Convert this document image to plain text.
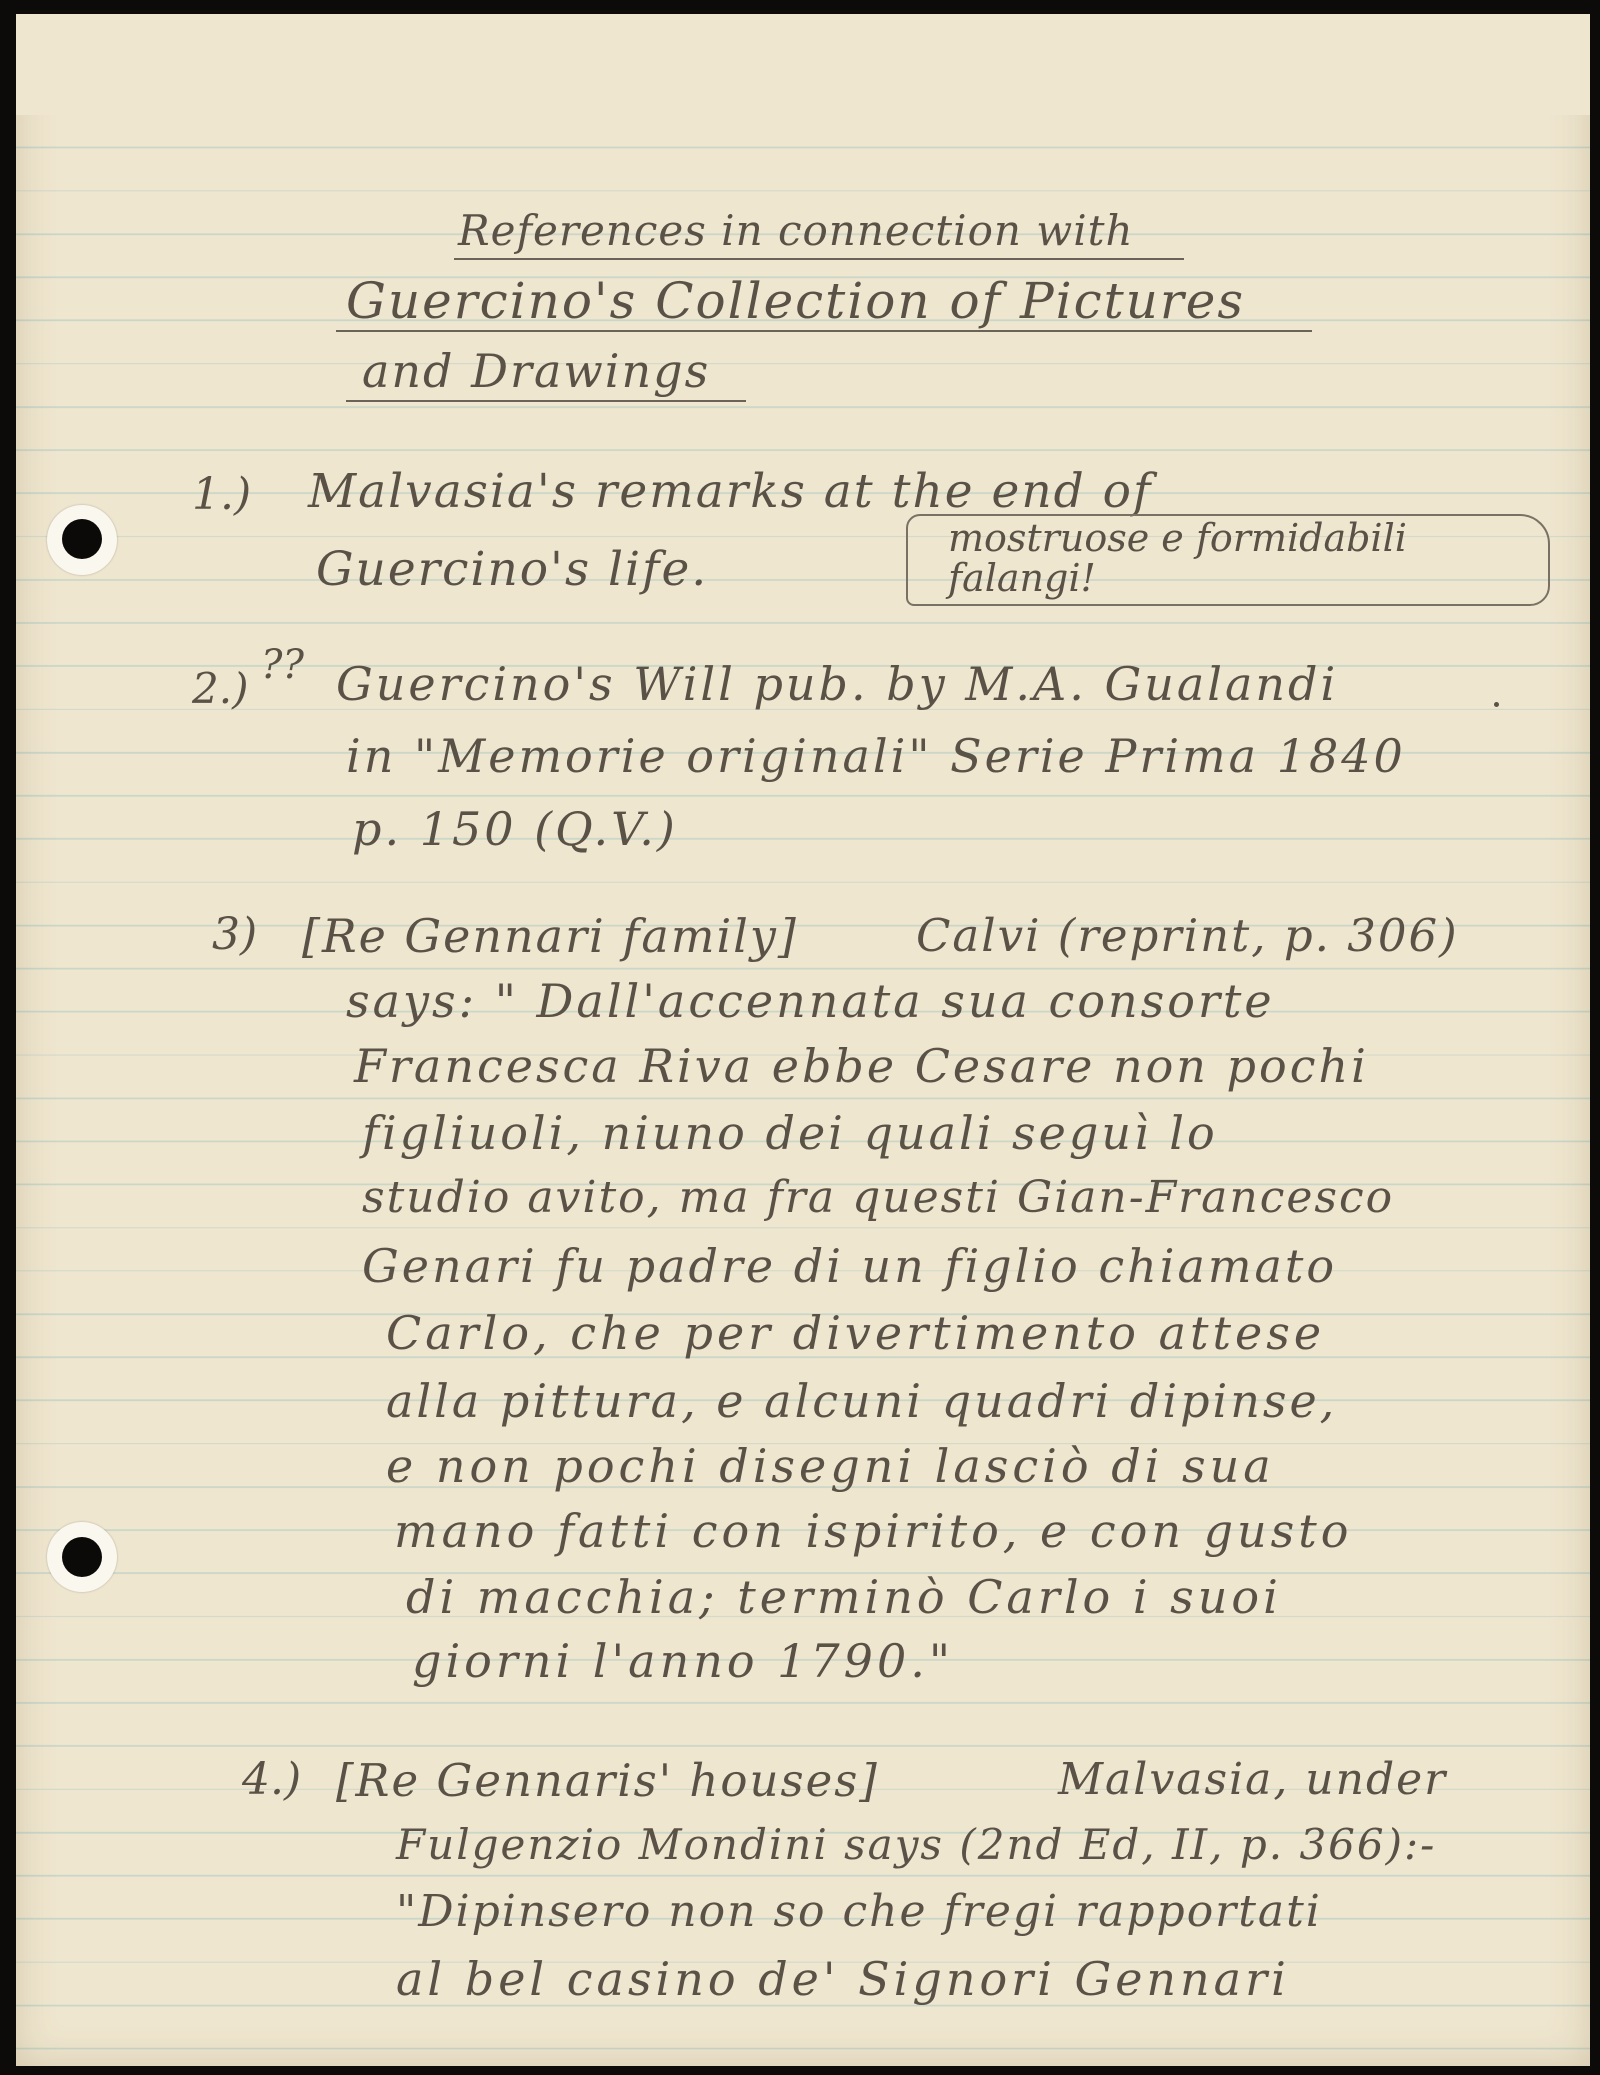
References in connection with
Guercino's Collection of Pictures
and Drawings
1.) Malvasia's remarks at the end of
Guercino's life.
mostruose e formidabili
falangi!
2.) ?? Guercino's Will pub. by M.A. Gualandi
in "Memorie originali" Serie Prima 1840
p. 150 (Q.V.)
3) [Re Gennari family]	Calvi (reprint, p. 306)
says: " Dall'accennata sua consorte
Francesca Riva ebbe Cesare non pochi
figliuoli, niuno dei quali seguì lo
studio avito, ma fra questi Gian-Francesco
Genari fu padre di un figlio chiamato
Carlo, che per divertimento attese
alla pittura, e alcuni quadri dipinse,
e non pochi disegni lasciò di sua
mano fatti con ispirito, e con gusto
di macchia; terminò Carlo i suoi
giorni l'anno 1790."
4.) [Re Gennaris' houses]	Malvasia, under
Fulgenzio Mondini says (2nd Ed, II, p. 366):-
"Dipinsero non so che fregi rapportati
al bel casino de' Signori Gennari
